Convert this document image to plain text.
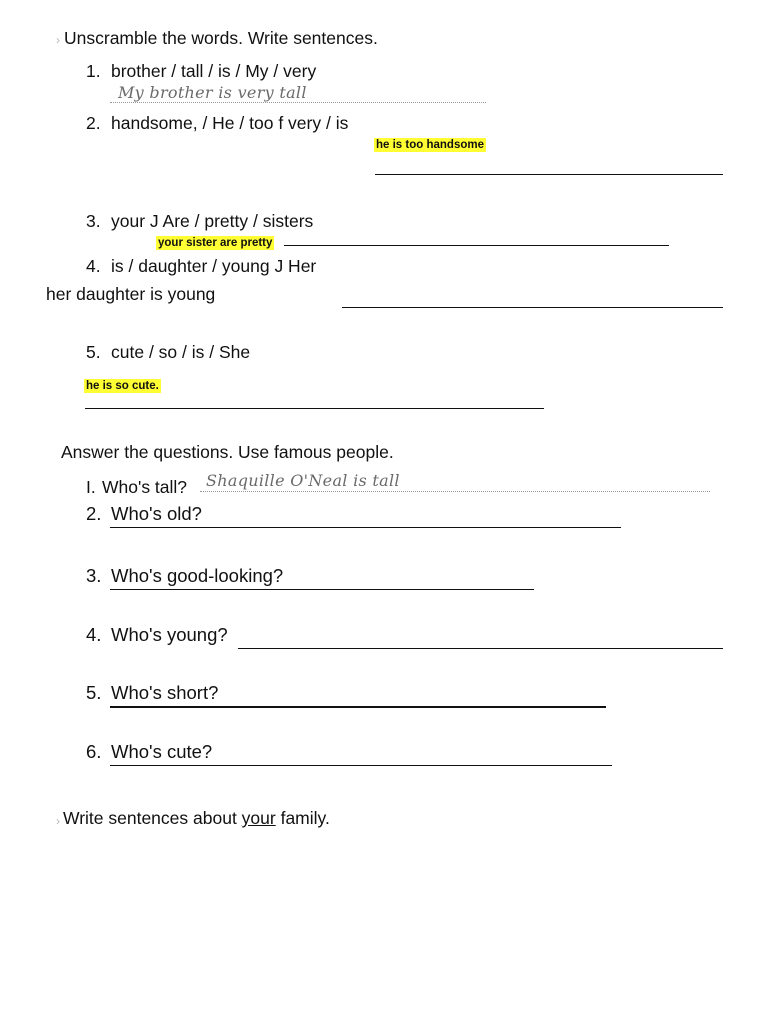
› Unscramble the words. Write sentences.
1. brother / tall / is / My / very
My brother is very tall
2. handsome, / He / too f very / is
he is too handsome
3. your J Are / pretty / sisters
your sister are pretty
4. is / daughter / young J Her
her daughter is young
5. cute / so / is / She
he is so cute.
Answer the questions. Use famous people.
I. Who's tall? Shaquille O'Neal is tall
2. Who's old?
3. Who's good-looking?
4. Who's young?
5. Who's short?
6. Who's cute?
› Write sentences about your family.
